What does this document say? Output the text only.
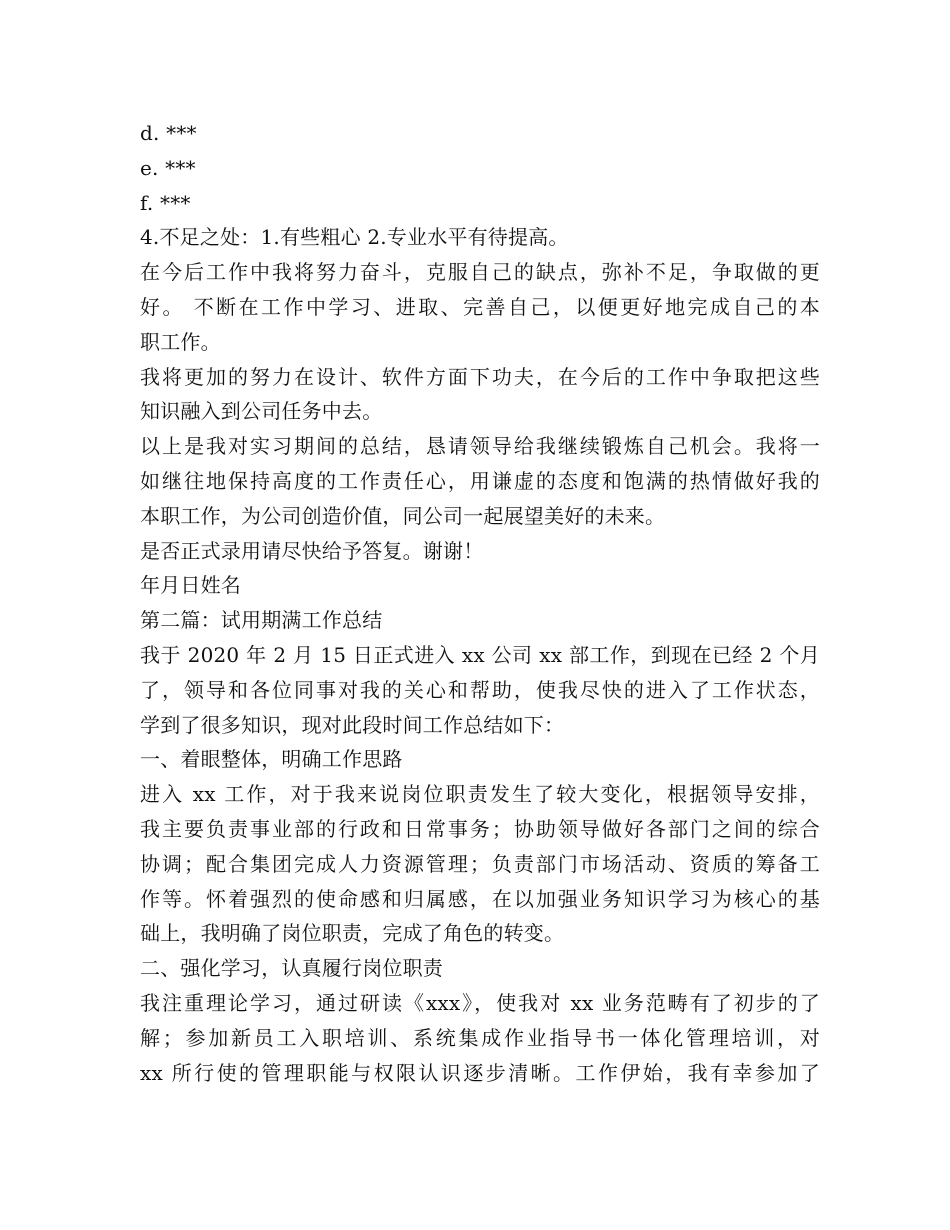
d. ***
e. ***
f. ***
4.不足之处：1.有些粗心 2.专业水平有待提高。
在今后工作中我将努力奋斗，克服自己的缺点，弥补不足，争取做的更
好。 不断在工作中学习、进取、完善自己，以便更好地完成自己的本
职工作。
我将更加的努力在设计、软件方面下功夫，在今后的工作中争取把这些
知识融入到公司任务中去。
以上是我对实习期间的总结，恳请领导给我继续锻炼自己机会。我将一
如继往地保持高度的工作责任心，用谦虚的态度和饱满的热情做好我的
本职工作，为公司创造价值，同公司一起展望美好的未来。
是否正式录用请尽快给予答复。谢谢！
年月日姓名
第二篇：试用期满工作总结
我于 2020 年 2 月 15 日正式进入 xx 公司 xx 部工作，到现在已经 2 个月
了，领导和各位同事对我的关心和帮助，使我尽快的进入了工作状态，
学到了很多知识，现对此段时间工作总结如下：
一、着眼整体，明确工作思路
进入 xx 工作，对于我来说岗位职责发生了较大变化，根据领导安排，
我主要负责事业部的行政和日常事务；协助领导做好各部门之间的综合
协调；配合集团完成人力资源管理；负责部门市场活动、资质的筹备工
作等。怀着强烈的使命感和归属感，在以加强业务知识学习为核心的基
础上，我明确了岗位职责，完成了角色的转变。
二、强化学习，认真履行岗位职责
我注重理论学习，通过研读《xxx》，使我对 xx 业务范畴有了初步的了
解；参加新员工入职培训、系统集成作业指导书一体化管理培训，对
xx 所行使的管理职能与权限认识逐步清晰。工作伊始，我有幸参加了
